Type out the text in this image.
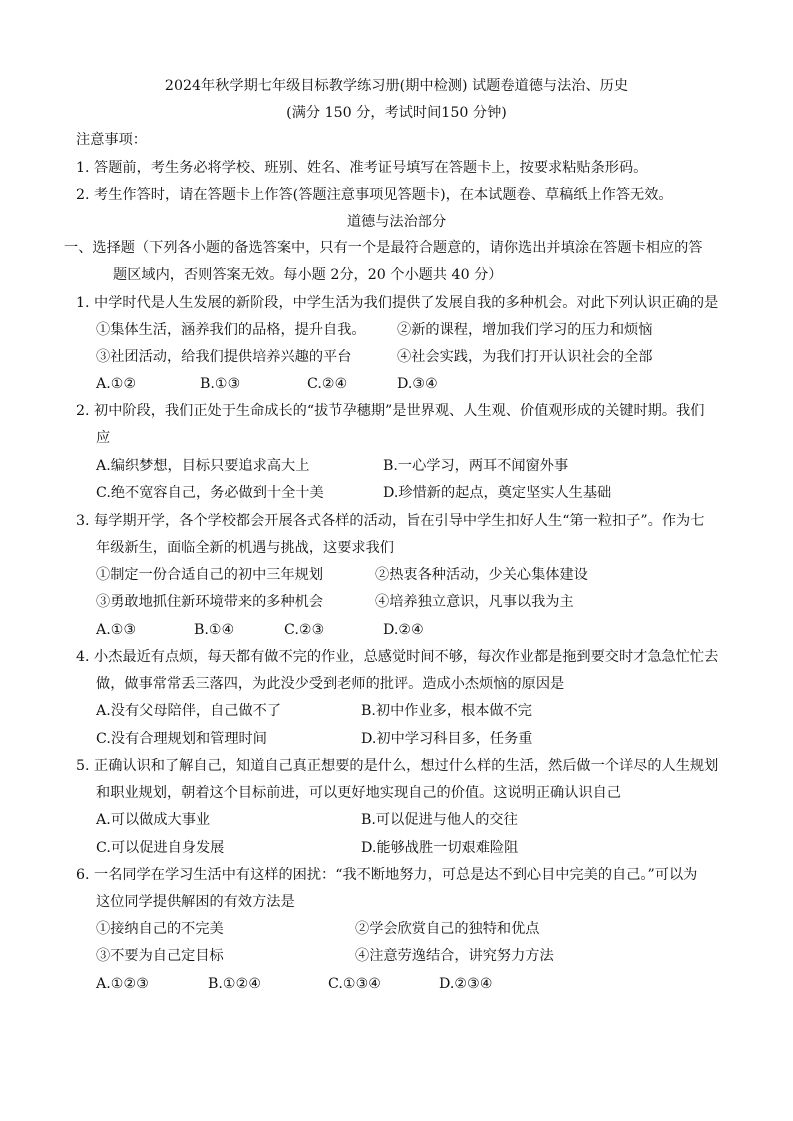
2024年秋学期七年级目标教学练习册(期中检测) 试题卷道德与法治、历史
(满分 150 分，考试时间150 分钟)
注意事项：
1. 答题前，考生务必将学校、班别、姓名、准考证号填写在答题卡上，按要求粘贴条形码。
2. 考生作答时，请在答题卡上作答(答题注意事项见答题卡)，在本试题卷、草稿纸上作答无效。
道德与法治部分
一、选择题（下列各小题的备选答案中，只有一个是最符合题意的，请你选出并填涂在答题卡相应的答
题区域内，否则答案无效。每小题 2分，20 个小题共 40 分）
1. 中学时代是人生发展的新阶段，中学生活为我们提供了发展自我的多种机会。对此下列认识正确的是
①集体生活，涵养我们的品格，提升自我。 ②新的课程，增加我们学习的压力和烦恼
③社团活动，给我们提供培养兴趣的平台	④社会实践，为我们打开认识社会的全部
A.①②	B.①③	C.②④	D.③④
2. 初中阶段，我们正处于生命成长的“拔节孕穗期”是世界观、人生观、价值观形成的关键时期。我们
应
A.编织梦想，目标只要追求高大上	B.一心学习，两耳不闻窗外事
C.绝不宽容自己，务必做到十全十美	D.珍惜新的起点，奠定坚实人生基础
3. 每学期开学，各个学校都会开展各式各样的活动，旨在引导中学生扣好人生“第一粒扣子”。作为七
年级新生，面临全新的机遇与挑战，这要求我们
①制定一份合适自己的初中三年规划	②热衷各种活动，少关心集体建设
③勇敢地抓住新环境带来的多种机会	④培养独立意识，凡事以我为主
A.①③	B.①④	C.②③	D.②④
4. 小杰最近有点烦，每天都有做不完的作业，总感觉时间不够，每次作业都是拖到要交时才急急忙忙去
做，做事常常丢三落四，为此没少受到老师的批评。造成小杰烦恼的原因是
A.没有父母陪伴，自己做不了	B.初中作业多，根本做不完
C.没有合理规划和管理时间	D.初中学习科目多，任务重
5. 正确认识和了解自己，知道自己真正想要的是什么，想过什么样的生活，然后做一个详尽的人生规划
和职业规划，朝着这个目标前进，可以更好地实现自己的价值。这说明正确认识自己
A.可以做成大事业	B.可以促进与他人的交往
C.可以促进自身发展	D.能够战胜一切艰难险阻
6. 一名同学在学习生活中有这样的困扰：“我不断地努力，可总是达不到心目中完美的自己。”可以为
这位同学提供解困的有效方法是
①接纳自己的不完美	②学会欣赏自己的独特和优点
③不要为自己定目标	④注意劳逸结合，讲究努力方法
A.①②③	B.①②④	C.①③④	D.②③④
